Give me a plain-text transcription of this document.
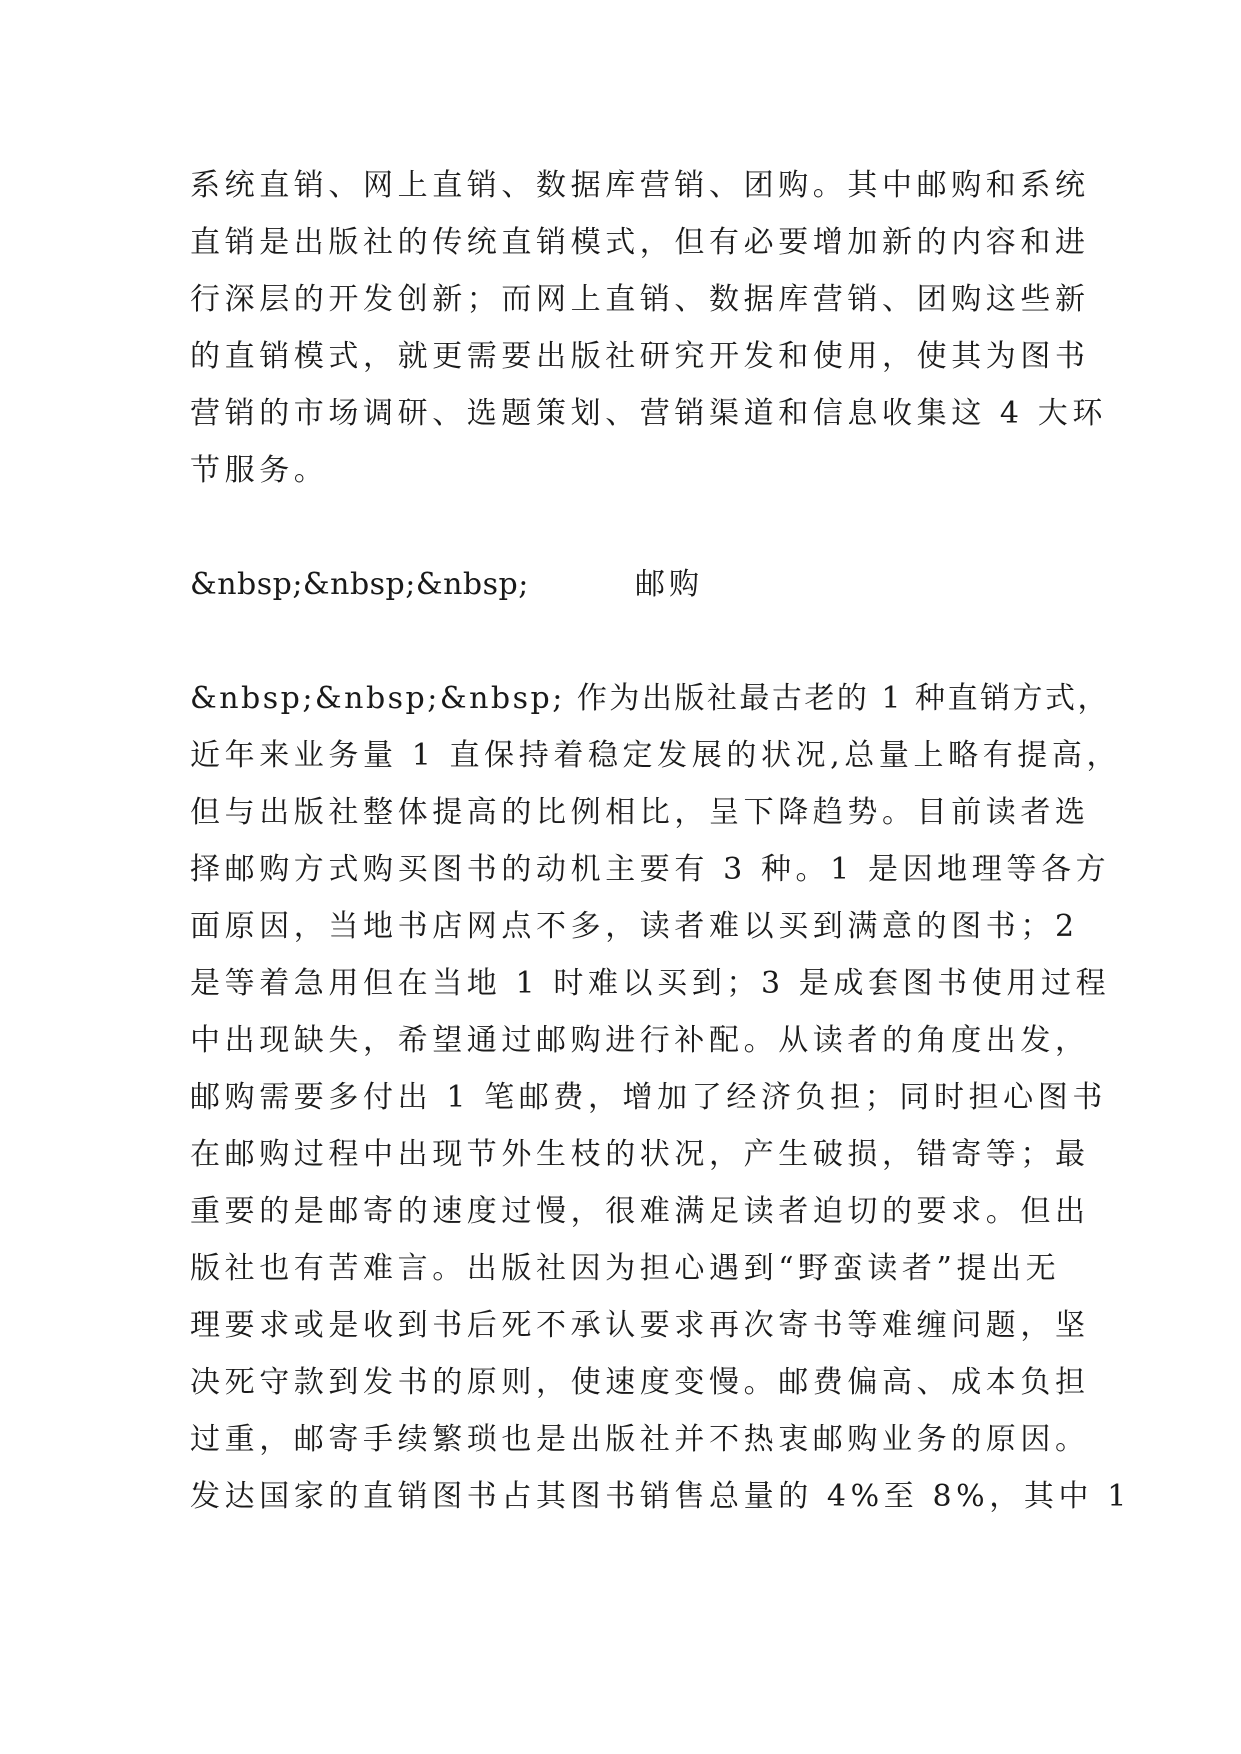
系统直销、网上直销、数据库营销、团购。其中邮购和系统
直销是出版社的传统直销模式，但有必要增加新的内容和进
行深层的开发创新；而网上直销、数据库营销、团购这些新
的直销模式，就更需要出版社研究开发和使用，使其为图书
营销的市场调研、选题策划、营销渠道和信息收集这 4 大环
节服务。
&nbsp;&nbsp;&nbsp;	邮购
&nbsp;&nbsp;&nbsp; 作为出版社最古老的 1 种直销方式，
近年来业务量 1 直保持着稳定发展的状况,总量上略有提高，
但与出版社整体提高的比例相比，呈下降趋势。目前读者选
择邮购方式购买图书的动机主要有 3 种。1 是因地理等各方
面原因，当地书店网点不多，读者难以买到满意的图书；2
是等着急用但在当地 1 时难以买到；3 是成套图书使用过程
中出现缺失，希望通过邮购进行补配。从读者的角度出发，
邮购需要多付出 1 笔邮费，增加了经济负担；同时担心图书
在邮购过程中出现节外生枝的状况，产生破损，错寄等；最
重要的是邮寄的速度过慢，很难满足读者迫切的要求。但出
版社也有苦难言。出版社因为担心遇到“野蛮读者”提出无
理要求或是收到书后死不承认要求再次寄书等难缠问题，坚
决死守款到发书的原则，使速度变慢。邮费偏高、成本负担
过重，邮寄手续繁琐也是出版社并不热衷邮购业务的原因。
发达国家的直销图书占其图书销售总量的 4%至 8%，其中 1
